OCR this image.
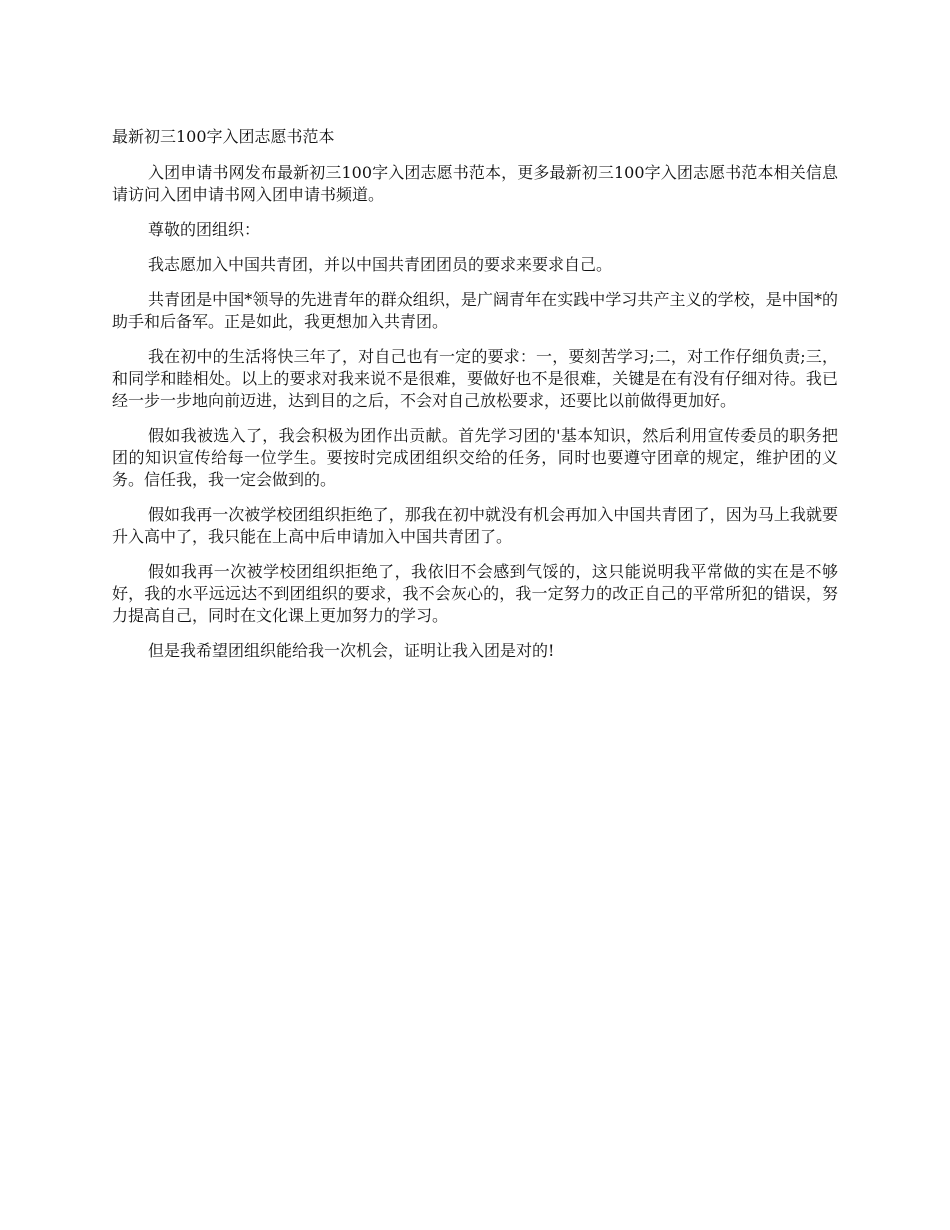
最新初三100字入团志愿书范本

入团申请书网发布最新初三100字入团志愿书范本，更多最新初三100字入团志愿书范本相关信息请访问入团申请书网入团申请书频道。

尊敬的团组织：

我志愿加入中国共青团，并以中国共青团团员的要求来要求自己。

共青团是中国*领导的先进青年的群众组织，是广阔青年在实践中学习共产主义的学校，是中国*的助手和后备军。正是如此，我更想加入共青团。

我在初中的生活将快三年了，对自己也有一定的要求：一，要刻苦学习;二，对工作仔细负责;三，和同学和睦相处。以上的要求对我来说不是很难，要做好也不是很难，关键是在有没有仔细对待。我已经一步一步地向前迈进，达到目的之后，不会对自己放松要求，还要比以前做得更加好。

假如我被选入了，我会积极为团作出贡献。首先学习团的'基本知识，然后利用宣传委员的职务把团的知识宣传给每一位学生。要按时完成团组织交给的任务，同时也要遵守团章的规定，维护团的义务。信任我，我一定会做到的。

假如我再一次被学校团组织拒绝了，那我在初中就没有机会再加入中国共青团了，因为马上我就要升入高中了，我只能在上高中后申请加入中国共青团了。

假如我再一次被学校团组织拒绝了，我依旧不会感到气馁的，这只能说明我平常做的实在是不够好，我的水平远远达不到团组织的要求，我不会灰心的，我一定努力的改正自己的平常所犯的错误，努力提高自己，同时在文化课上更加努力的学习。

但是我希望团组织能给我一次机会，证明让我入团是对的!
